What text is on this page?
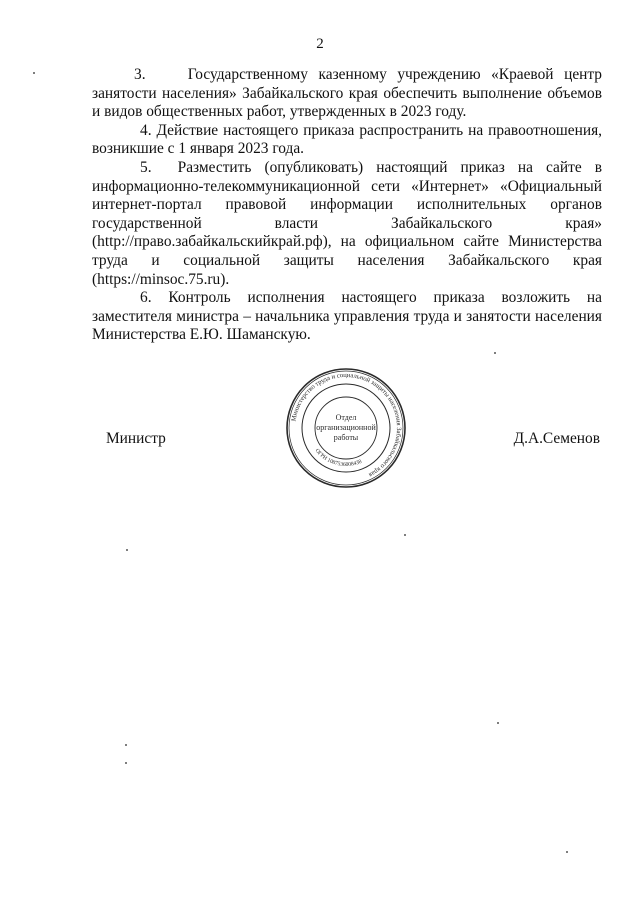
2

3.    Государственному казенному учреждению «Краевой центр
занятости населения» Забайкальского края обеспечить выполнение объемов и видов общественных работ, утвержденных в 2023 году.

4. Действие настоящего приказа распространить на правоотношения, возникшие с 1 января 2023 года.

5.  Разместить (опубликовать) настоящий приказ на сайте в
информационно-телекоммуникационной сети «Интернет» «Официальный
интернет-портал правовой информации исполнительных органов
государственной власти Забайкальского края»
(http://право.забайкальскийкрай.рф), на официальном сайте Министерства
труда и социальной защиты населения Забайкальского края
(https://minsoc.75.ru).

6. Контроль исполнения настоящего приказа возложить на заместителя министра – начальника управления труда и занятости населения Министерства Е.Ю. Шаманскую.

Министерство труда и социальной защиты населения Забайкальского края
ОГРН 1087536008438
Отдел
организационной
работы
Министр	Д.А.Семенов
